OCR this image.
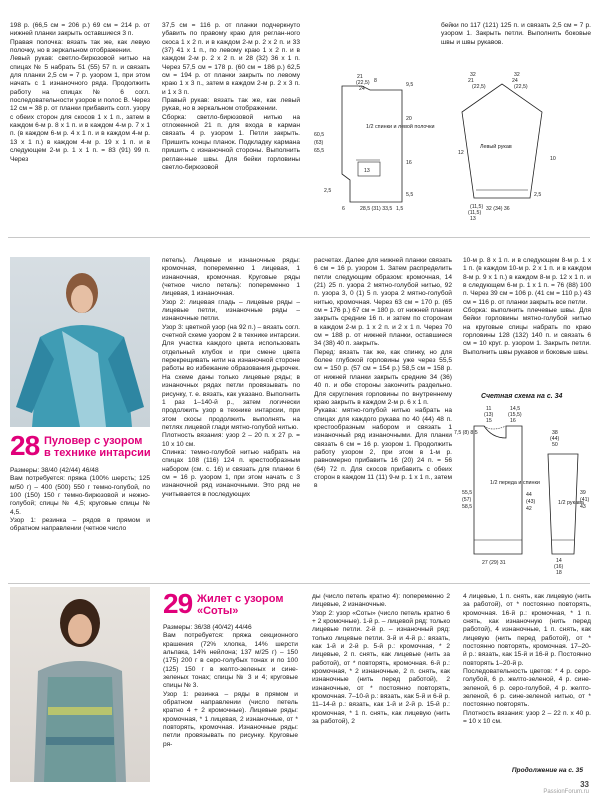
198 р. (66,5 см = 206 р.) 69 см = 214 р. от нижней планки закрыть оставшиеся 3 п.
Правая полочка: вязать так же, как левую полочку, но в зеркальном отображении.
Левый рукав: светло-бирюзовой нитью на спицах № 5 набрать 51 (55) 57 п. и связать для планки 2,5 см = 7 р. узором 1, при этом начать с 1 изнаночного ряда. Продолжить работу на спицах № 6 согл. последовательности узоров и полос В. Через 12 см = 38 р. от планки прибавить согл. узору с обеих сторон для скосов 1 х 1 п., затем в каждом 6-м р. 8 х 1 п. и в каждом 4-м р. 7 х 1 п. (в каждом 6-м р. 4 х 1 п. и в каждом 4-м р. 13 х 1 п.) в каждом 4-м р. 19 х 1 п. и в следующем 2-м р. 1 х 1 п. = 83 (91) 99 п. Через
37,5 см = 116 р. от планки подчеркнуто убавить по правому краю для реглан-ного скоса 1 х 2 п. и в каждом 2-м р. 2 х 2 п. и 33 (37) 41 х 1 п., по левому краю 1 х 2 п. и в каждом 2-м р. 2 х 2 п. и 28 (32) 36 х 1 п. Через 57,5 см = 178 р. (60 см = 186 р.) 62,5 см = 194 р. от планки закрыть по левому краю 1 х 3 п., затем в каждом 2-м р. 2 х 3 п. и 1 х 3 п.
Правый рукав: вязать так же, как левый рукав, но в зеркальном отображении.
Сборка: светло-бирюзовой нитью на отложенной 21 п. для входа в карман связать 4 р. узором 1. Петли закрыть. Пришить концы планок. Подкладку кармана пришить с изнаночной стороны. Выполнить реглан-ные швы. Для бейки горловины светло-бирюзовой
бейки по 117 (121) 125 п. и связать 2,5 см = 7 р. узором 1. Закрыть петли. Выполнить боковые швы и швы рукавов.
1/2 спинки и левой полочки
21
(22,5)
24
8
20
9,5
60,5
(63)
65,5
16
13
2,5
6	28,5 (31) 33,5 1,5
5,5
Левый рукав
10
12
32
21
(22,5)
32
24
(22,5)
32 (34) 36
(11,5)
(11,5)
13
2,5
28 Пуловер с узором
в технике интарсии
Размеры: 38/40 (42/44) 46/48
Вам потребуется: пряжа (100% шерсть; 125 м/50 г) – 400 (500) 550 г темно-голубой, по 100 (150) 150 г темно-бирюзовой и нежно-голубой; спицы № 4,5; круговые спицы № 4,5.
Узор 1: резинка – рядов в прямом и обратном направлении (четное число
петель). Лицевые и изнаночные ряды: кромочная, попеременно 1 лицевая, 1 изнаночная, кромочная. Круговые ряды (четное число петель): попеременно 1 лицевая, 1 изнаночная.
Узор 2: лицевая гладь – лицевые ряды – лицевые петли, изнаночные ряды – изнаночные петли.
Узор 3: цветной узор (на 92 п.) – вязать согл. счетной схеме узором 2 в технике интарсии. Для участка каждого цвета использовать отдельный клубок и при смене цвета перекрещивать нити на изнаночной стороне работы во избежание образования дырочек. На схеме даны только лицевые ряды; в изнаночных рядах петли провязывать по рисунку, т. е. вязать, как указано. Выполнить 1 раз 1–140-й р., затем логически продолжить узор в технике интарсии, при этом скосы продолжить выполнять на петлях лицевой глади мятно-голубой нитью.
Плотность вязания: узор 2 – 20 п. х 27 р. = 10 х 10 см.
Спинка: темно-голубой нитью набрать на спицах 108 (116) 124 п. крестообразным набором (см. с. 16) и связать для планки 6 см = 16 р. узором 1, при этом начать с 3 изнаночной ряд изнаночными. Это ряд не учитывается в последующих
расчетах. Далее для нижней планки связать 6 см = 16 р. узором 1. Затем распределить петли следующим образом: кромочная, 14 (21) 25 п. узора 2 мятно-голубой нитью, 92 п. узора 3, 0 (1) 5 п. узора 2 мятно-голубой нитью, кромочная. Через 63 см = 170 р. (65 см = 176 р.) 67 см = 180 р. от нижней планки закрыть средние 16 п. и затем по сторонам в каждом 2-м р. 1 х 2 п. и 2 х 1 п. Через 70 см = 188 р. от нижней планки, оставшиеся 34 (38) 40 п. закрыть.
Перед: вязать так же, как спинку, но для более глубокой горловины уже через 55,5 см = 150 р. (57 см = 154 р.) 58,5 см = 158 р. от нижней планки закрыть средние 34 (36) 40 п. и обе стороны закончить раздельно. Для скругления горловины по внутреннему краю закрыть в каждом 2-м р. 6 х 1 п.
Рукава: мятно-голубой нитью набрать на спицах для каждого рукава по 40 (44) 48 п. крестообразным набором и связать 1 изнаночный ряд изнаночными. Для планки связать 6 см = 16 р. узором 1. Продолжить работу узором 2, при этом в 1-м р. равномерно прибавить 16 (20) 24 п. = 56 (64) 72 п. Для скосов прибавить с обеих сторон в каждом 11 (11) 9-м р. 1 х 1 п., затем в
10-м р. 8 х 1 п. и в следующем 8-м р. 1 х 1 п. (в каждом 10-м р. 2 х 1 п. и в каждом 8-м р. 9 х 1 п.) в каждом 8-м р. 12 х 1 п. и в следующем 6-м р. 1 х 1 п. = 76 (88) 100 п. Через 39 см = 106 р. (41 см = 110 р.) 43 см = 116 р. от планки закрыть все петли.
Сборка: выполнить плечевые швы. Для бейки горловины мятно-голубой нитью на круговые спицы набрать по краю горловины 128 (132) 140 п. и связать 6 см = 10 круг. р. узором 1. Закрыть петли. Выполнить швы рукавов и боковые швы.
Счетная схема на с. 34
1/2 переда и спинки
11
(13)
15
14,5
(15,5)
16
7,5 (8) 8,5
55,5
(57)
58,5
44
(43)
42
27 (29) 31
1/2 рукава
39
(41)
43
14
(16)
18
38
(44)
50
29 Жилет с узором
«Соты»
Размеры: 36/38 (40/42) 44/46
Вам потребуется: пряжа секционного крашения (72% хлопка, 14% шерсти альпака, 14% нейлона; 137 м/25 г) – 150 (175) 200 г в серо-голубых тонах и по 100 (125) 150 г в желто-зеленых и сине-зеленых тонах; спицы № 3 и 4; круговые спицы № 3.
Узор 1: резинка – ряды в прямом и обратном направлении (число петель кратно 4 + 2 кромочные). Лицевые ряды: кромочная, * 1 лицевая, 2 изнаночные, от * повторять, кромочная. Изнаночные ряды: петли провязывать по рисунку. Круговые ря-
ды (число петель кратно 4): попеременно 2 лицевые, 2 изнаночные.
Узор 2: узор «Соты» (число петель кратно 6 + 2 кромочные). 1-й р. – лицевой ряд: только лицевые петли. 2-й р. – изнаночный ряд: только лицевые петли. 3-й и 4-й р.: вязать, как 1-й и 2-й р. 5-й р.: кромочная, * 2 лицевые, 2 п. снять, как лицевые (нить за работой), от * повторять, кромочная. 6-й р.: кромочная, * 2 изнаночные, 2 п. снять, как изнаночные (нить перед работой), 2 изнаночные, от * постоянно повторять, кромочная. 7–10-й р.: вязать, как 5-й и 6-й р. 11–14-й р.: вязать, как 1-й и 2-й р. 15-й р.: кромочная, * 1 п. снять, как лицевую (нить за работой), 2
4 лицевые, 1 п. снять, как лицевую (нить за работой), от * постоянно повторять, кромочная. 16-й р.: кромочная, * 1 п. снять, как изнаночную (нить перед работой), 4 изнаночные, 1 п. снять, как лицевую (нить перед работой), от * постоянно повторять, кромочная. 17–20-й р.: вязать, как 15-й и 16-й р. Постоянно повторять 1–20-й р.
Последовательность цветов: * 4 р. серо-голубой, 6 р. желто-зеленой, 4 р. сине-зеленой, 6 р. серо-голубой, 4 р. желто-зеленой, 6 р. сине-зеленой нитью, от * постоянно повторять.
Плотность вязания: узор 2 – 22 п. х 40 р. = 10 х 10 см.
Продолжение на с. 35
33
PassionForum.ru
